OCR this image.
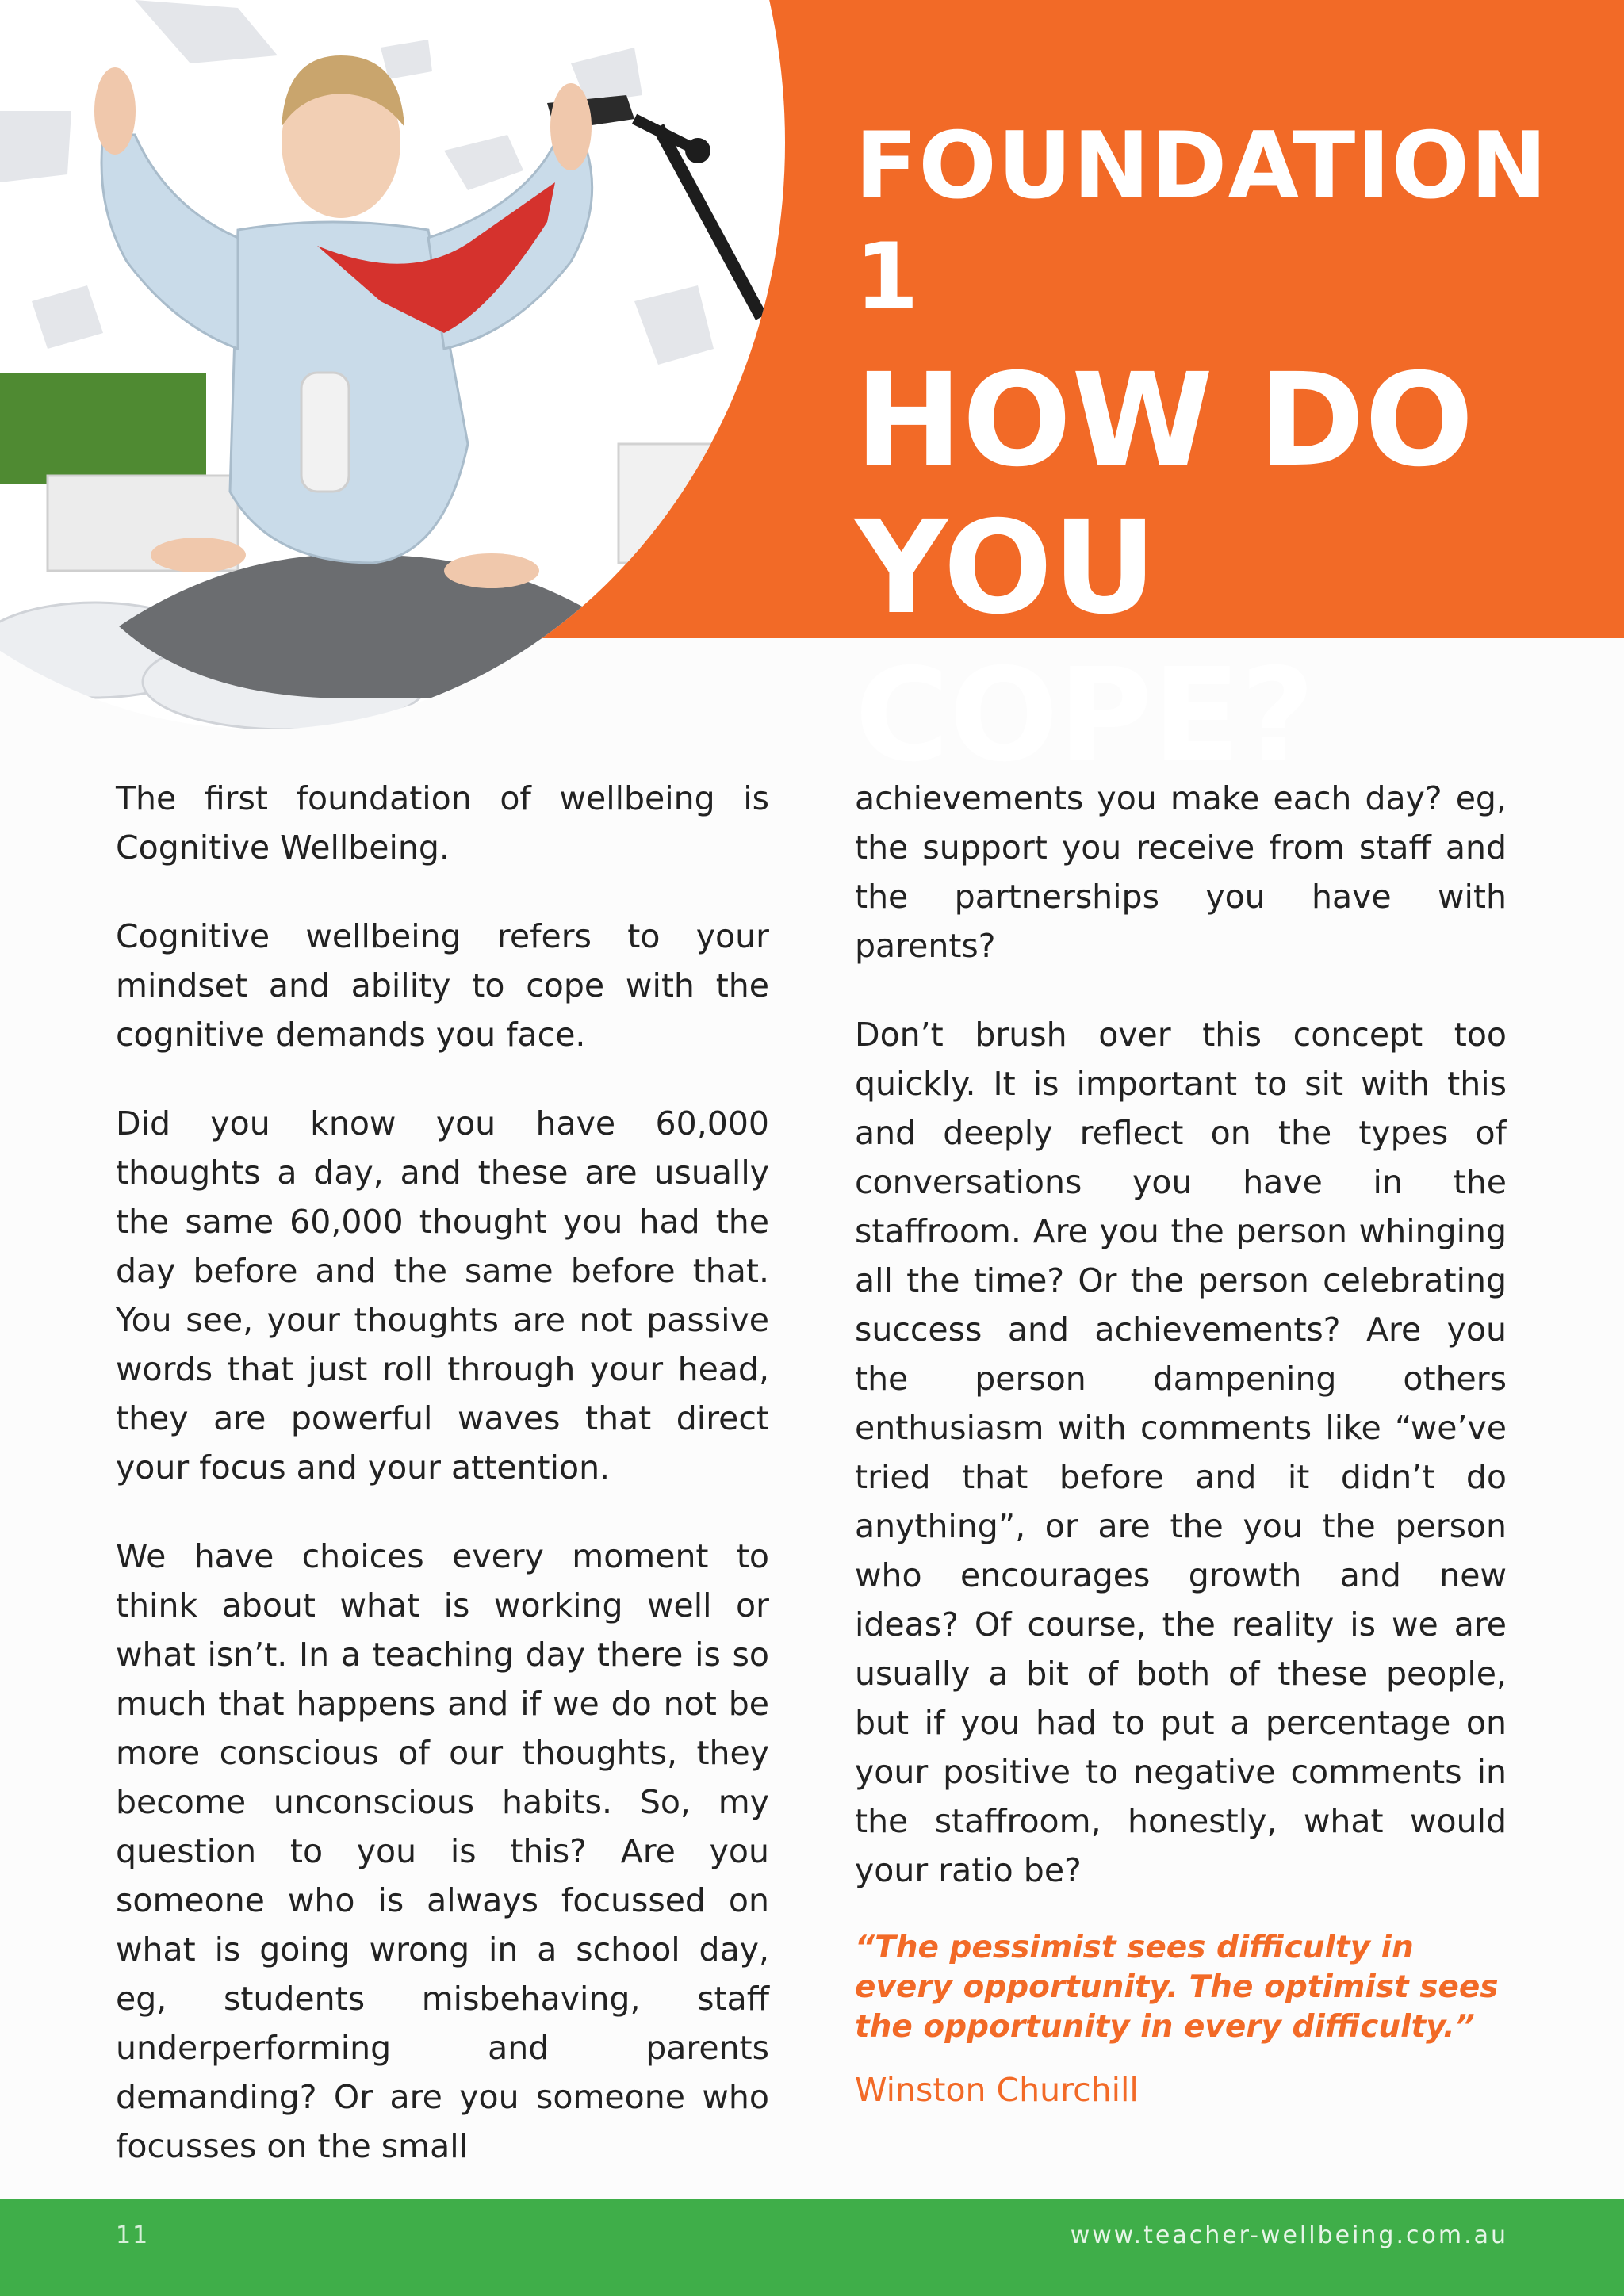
FOUNDATION 1
HOW DO
YOU COPE?

The first foundation of wellbeing is Cognitive Wellbeing.

Cognitive wellbeing refers to your mindset and ability to cope with the cognitive demands you face.

Did you know you have 60,000 thoughts a day, and these are usually the same 60,000 thought you had the day before and the same before that. You see, your thoughts are not passive words that just roll through your head, they are powerful waves that direct your focus and your attention.

We have choices every moment to think about what is working well or what isn’t. In a teaching day there is so much that happens and if we do not be more conscious of our thoughts, they become unconscious habits. So, my question to you is this? Are you someone who is always focussed on what is going wrong in a school day, eg, students misbehaving, staff underperforming and parents demanding? Or are you someone who focusses on the small

achievements you make each day? eg, the support you receive from staff and the partnerships you have with parents?

Don’t brush over this concept too quickly. It is important to sit with this and deeply reflect on the types of conversations you have in the staffroom. Are you the person whinging all the time? Or the person celebrating success and achievements? Are you the person dampening others enthusiasm with comments like “we’ve tried that before and it didn’t do anything”, or are the you the person who encourages growth and new ideas? Of course, the reality is we are usually a bit of both of these people, but if you had to put a percentage on your positive to negative comments in the staffroom, honestly, what would your ratio be?

“The pessimist sees difficulty in every opportunity. The optimist sees the opportunity in every difficulty.”
Winston Churchill
11	www.teacher-wellbeing.com.au
